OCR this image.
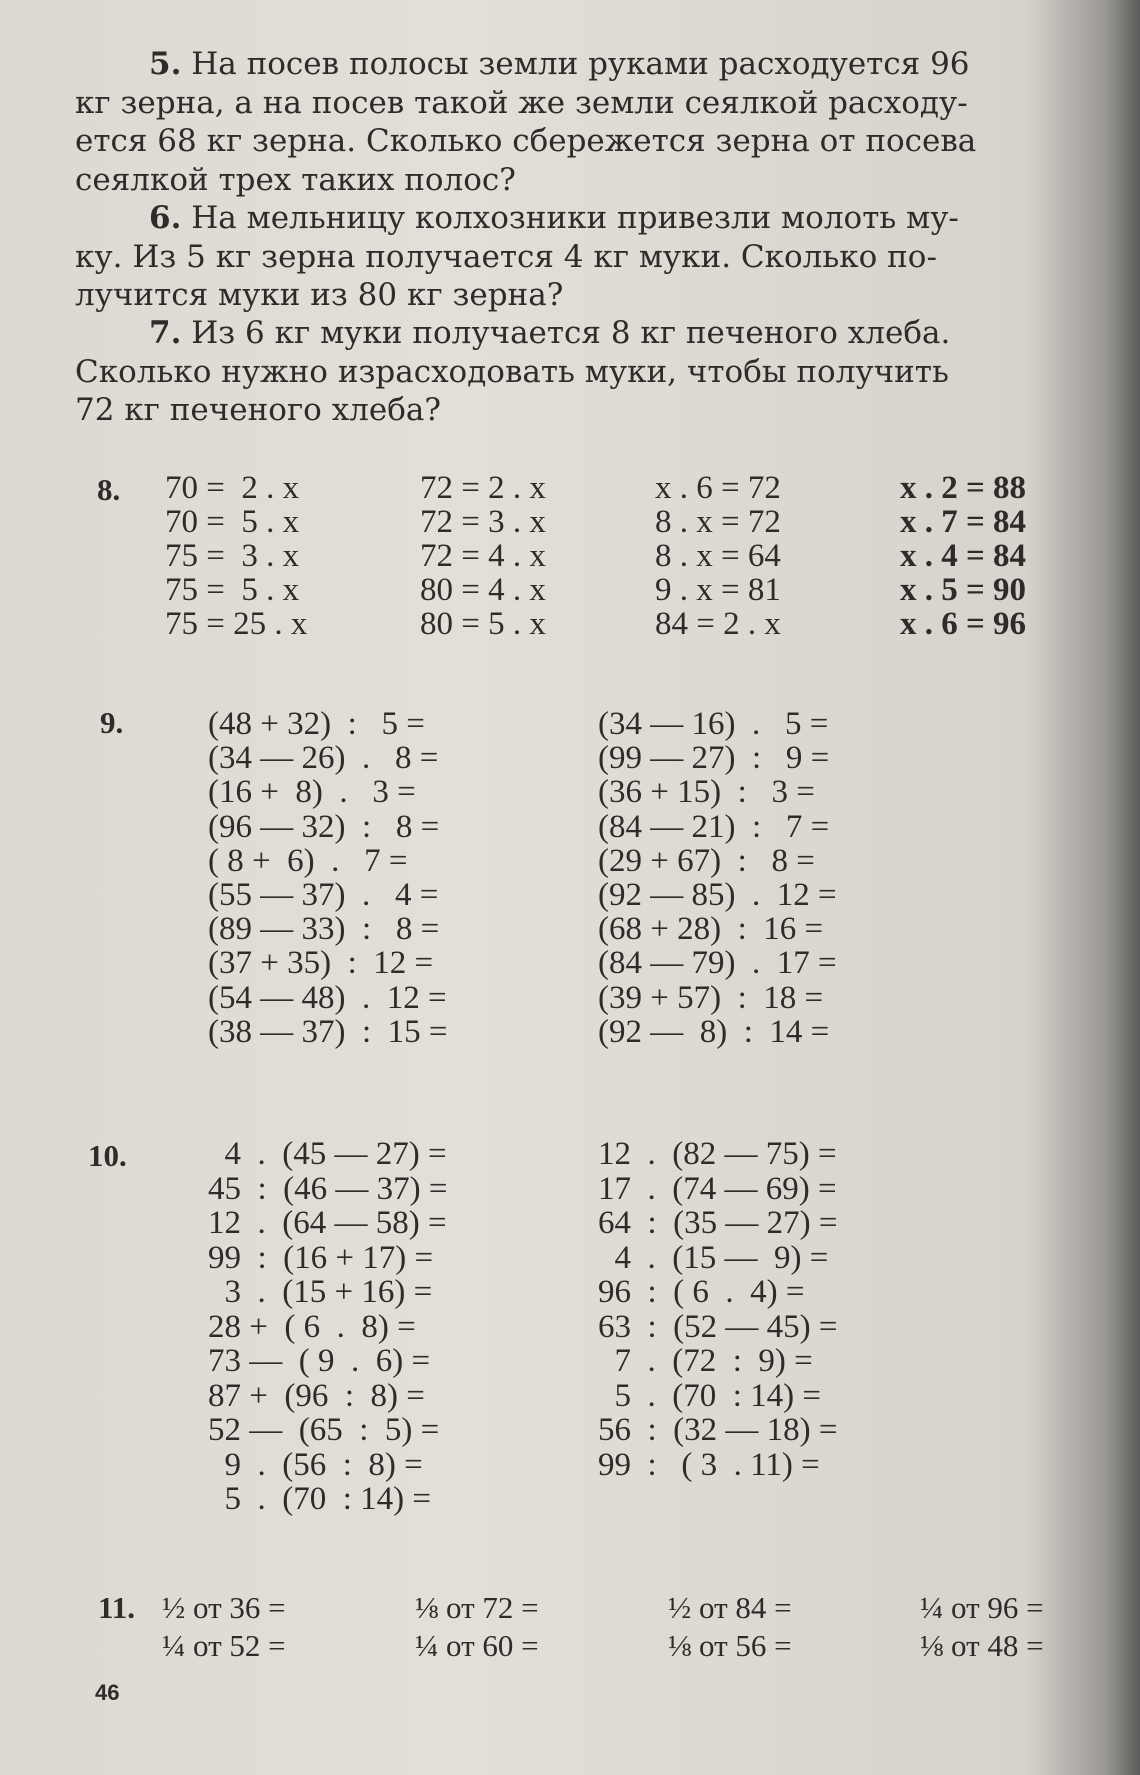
5. На посев полосы земли руками расходуется 96
кг зерна, а на посев такой же земли сеялкой расходу-
ется 68 кг зерна. Сколько сбережется зерна от посева
сеялкой трех таких полос?

6. На мельницу колхозники привезли молоть му-
ку. Из 5 кг зерна получается 4 кг муки. Сколько по-
лучится муки из 80 кг зерна?

7. Из 6 кг муки получается 8 кг печеного хлеба.
Сколько нужно израсходовать муки, чтобы получить
72 кг печеного хлеба?

8. 70 =  2 . x
70 =  5 . x
75 =  3 . x
75 =  5 . x
75 = 25 . x
72 = 2 . x
72 = 3 . x
72 = 4 . x
80 = 4 . x
80 = 5 . x
x . 6 = 72
8 . x = 72
8 . x = 64
9 . x = 81
84 = 2 . x
x . 2 = 88
x . 7 = 84
x . 4 = 84
x . 5 = 90
x . 6 = 96
9.	(48 + 32)  :   5 =
(34 — 26)  .   8 =
(16 +  8)  .   3 =
(96 — 32)  :   8 =
( 8 +  6)  .   7 =
(55 — 37)  .   4 =
(89 — 33)  :   8 =
(37 + 35)  :  12 =
(54 — 48)  .  12 =
(38 — 37)  :  15 =
(34 — 16)  .   5 =
(99 — 27)  :   9 =
(36 + 15)  :   3 =
(84 — 21)  :   7 =
(29 + 67)  :   8 =
(92 — 85)  .  12 =
(68 + 28)  :  16 =
(84 — 79)  .  17 =
(39 + 57)  :  18 =
(92 —  8)  :  14 =
10. 4  .  (45 — 27) =
45  :  (46 — 37) =
12  .  (64 — 58) =
99  :  (16 + 17) =
3  .  (15 + 16) =
28 +  ( 6  .  8) =
73 —  ( 9  .  6) =
87 +  (96  :  8) =
52 —  (65  :  5) =
9  .  (56  :  8) =
5  .  (70  : 14) =
12  .  (82 — 75) =
17  .  (74 — 69) =
64  :  (35 — 27) =
4  .  (15 —  9) =
96  :  ( 6  .  4) =
63  :  (52 — 45) =
7  .  (72  :  9) =
5  .  (70  : 14) =
56  :  (32 — 18) =
99  :   ( 3  . 11) =
11. ½ от 36 =
¼ от 52 =
⅛ от 72 =
¼ от 60 =
½ от 84 =
⅛ от 56 =
¼ от 96 =
⅛ от 48 =
46
